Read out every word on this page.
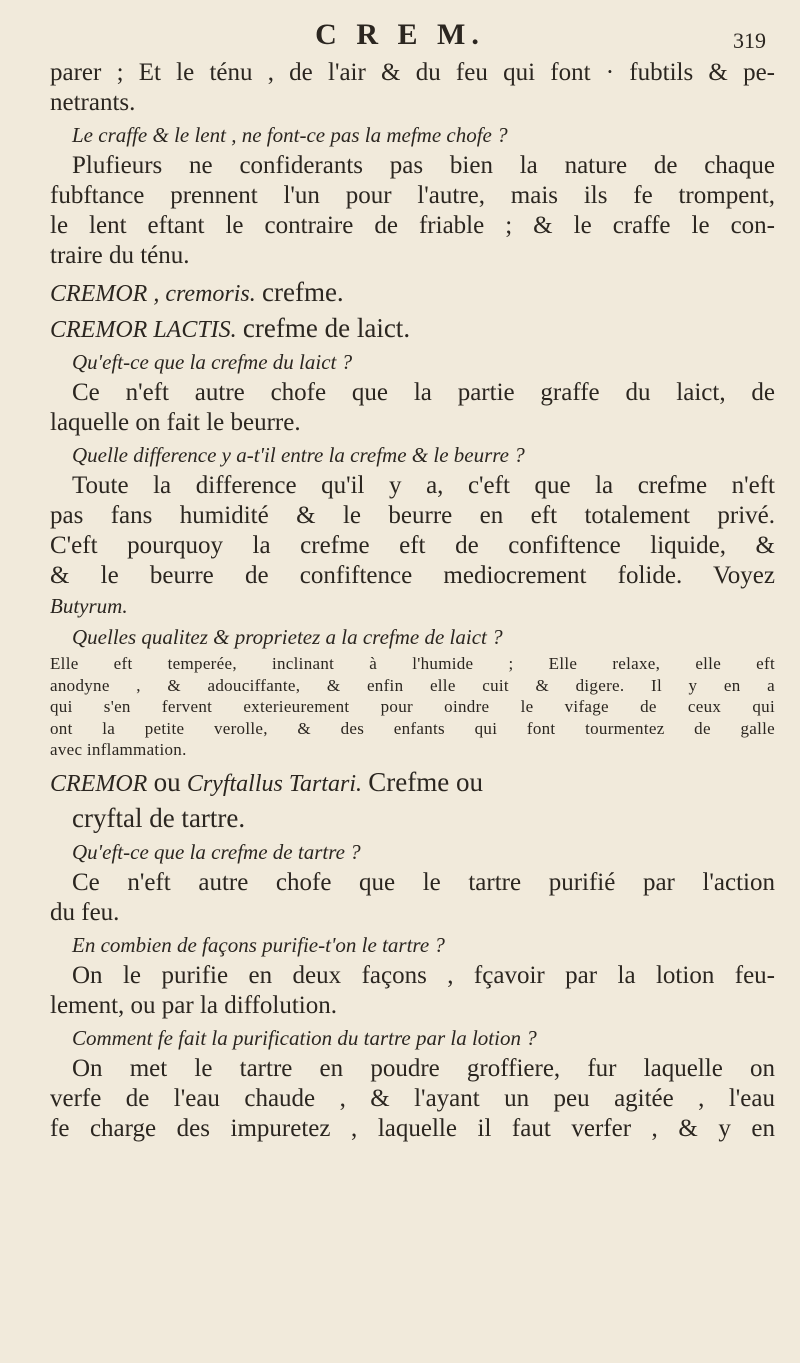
C R E M.	319

parer ; Et le ténu , de l'air & du feu qui font · fubtils & pe-

netrants.

Le craffe & le lent , ne font-ce pas la mefme chofe ?

Plufieurs ne confiderants pas bien la nature de chaque

fubftance prennent l'un pour l'autre, mais ils fe trompent,

le lent eftant le contraire de friable ; & le craffe le con-

traire du ténu.

CREMOR , cremoris. crefme.

CREMOR LACTIS. crefme de laict.

Qu'eft-ce que la crefme du laict ?

Ce n'eft autre chofe que la partie graffe du laict, de

laquelle on fait le beurre.

Quelle difference y a-t'il entre la crefme & le beurre ?

Toute la difference qu'il y a, c'eft que la crefme n'eft

pas fans humidité & le beurre en eft totalement privé.

C'eft pourquoy la crefme eft de confiftence liquide, &

& le beurre de confiftence mediocrement folide. Voyez

Butyrum.

Quelles qualitez & proprietez a la crefme de laict ?

Elle eft temperée, inclinant à l'humide ; Elle relaxe, elle eft

anodyne , & adouciffante, & enfin elle cuit & digere. Il y en a

qui s'en fervent exterieurement pour oindre le vifage de ceux qui

ont la petite verolle, & des enfants qui font tourmentez de galle

avec inflammation.

CREMOR ou Cryftallus Tartari. Crefme ou

cryftal de tartre.

Qu'eft-ce que la crefme de tartre ?

Ce n'eft autre chofe que le tartre purifié par l'action

du feu.

En combien de façons purifie-t'on le tartre ?

On le purifie en deux façons , fçavoir par la lotion feu-

lement, ou par la diffolution.

Comment fe fait la purification du tartre par la lotion ?

On met le tartre en poudre groffiere, fur laquelle on

verfe de l'eau chaude , & l'ayant un peu agitée , l'eau

fe charge des impuretez , laquelle il faut verfer , & y en
